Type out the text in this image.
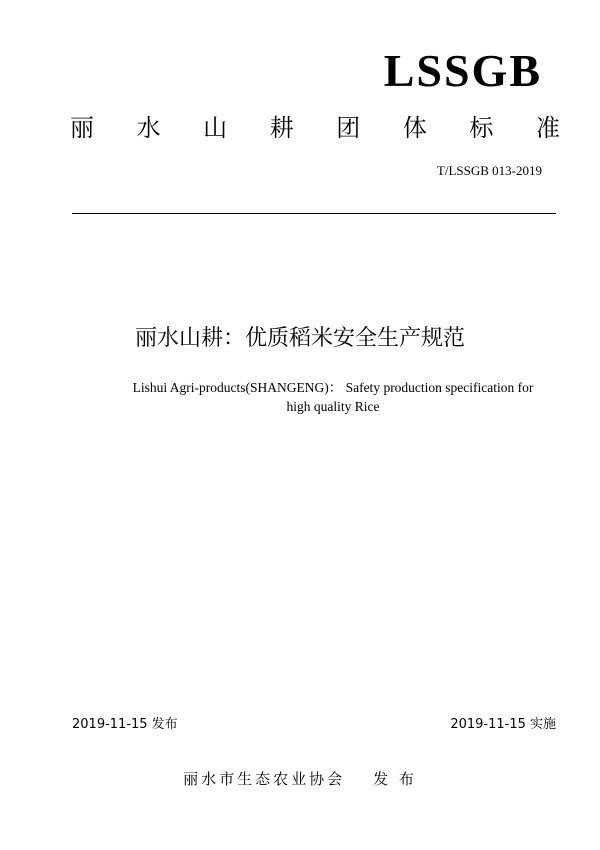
LSSGB
丽 水 山 耕 团 体 标 准
T/LSSGB 013-2019
丽水山耕：优质稻米安全生产规范
Lishui Agri-products(SHANGENG)： Safety production specification for
high quality Rice
2019-11-15 发布	2019-11-15 实施
丽水市生态农业协会 发 布
